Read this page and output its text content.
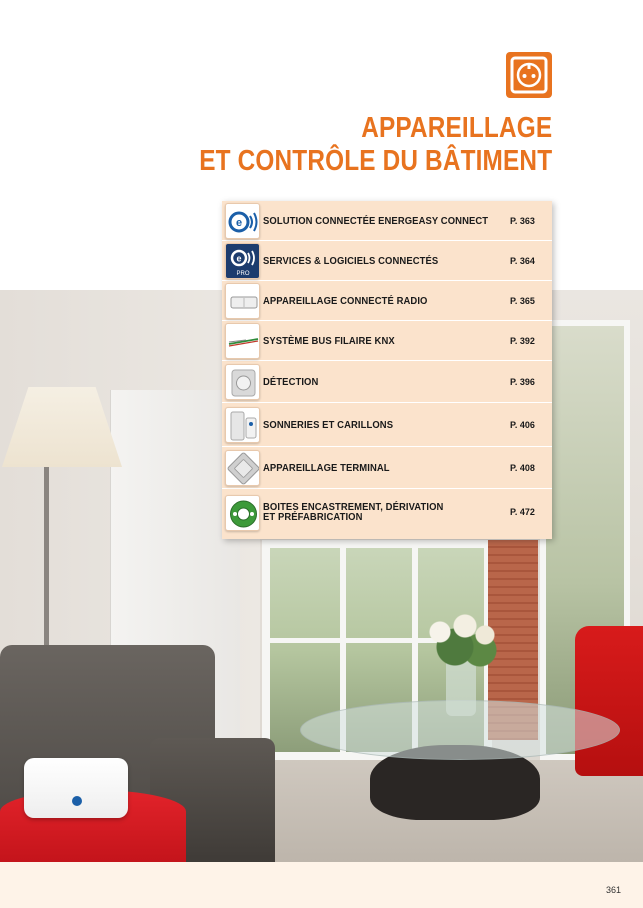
APPAREILLAGE
ET CONTRÔLE DU BÂTIMENT
e SOLUTION CONNECTÉE ENERGEASY CONNECT P. 363
e
PRO
SERVICES & LOGICIELS CONNECTÉS	P. 364
APPAREILLAGE CONNECTÉ RADIO	P. 365
SYSTÈME BUS FILAIRE KNX	P. 392
DÉTECTION	P. 396
SONNERIES ET CARILLONS	P. 406
APPAREILLAGE TERMINAL	P. 408
BOITES ENCASTREMENT, DÉRIVATION
ET PRÉFABRICATION	P. 472
361
